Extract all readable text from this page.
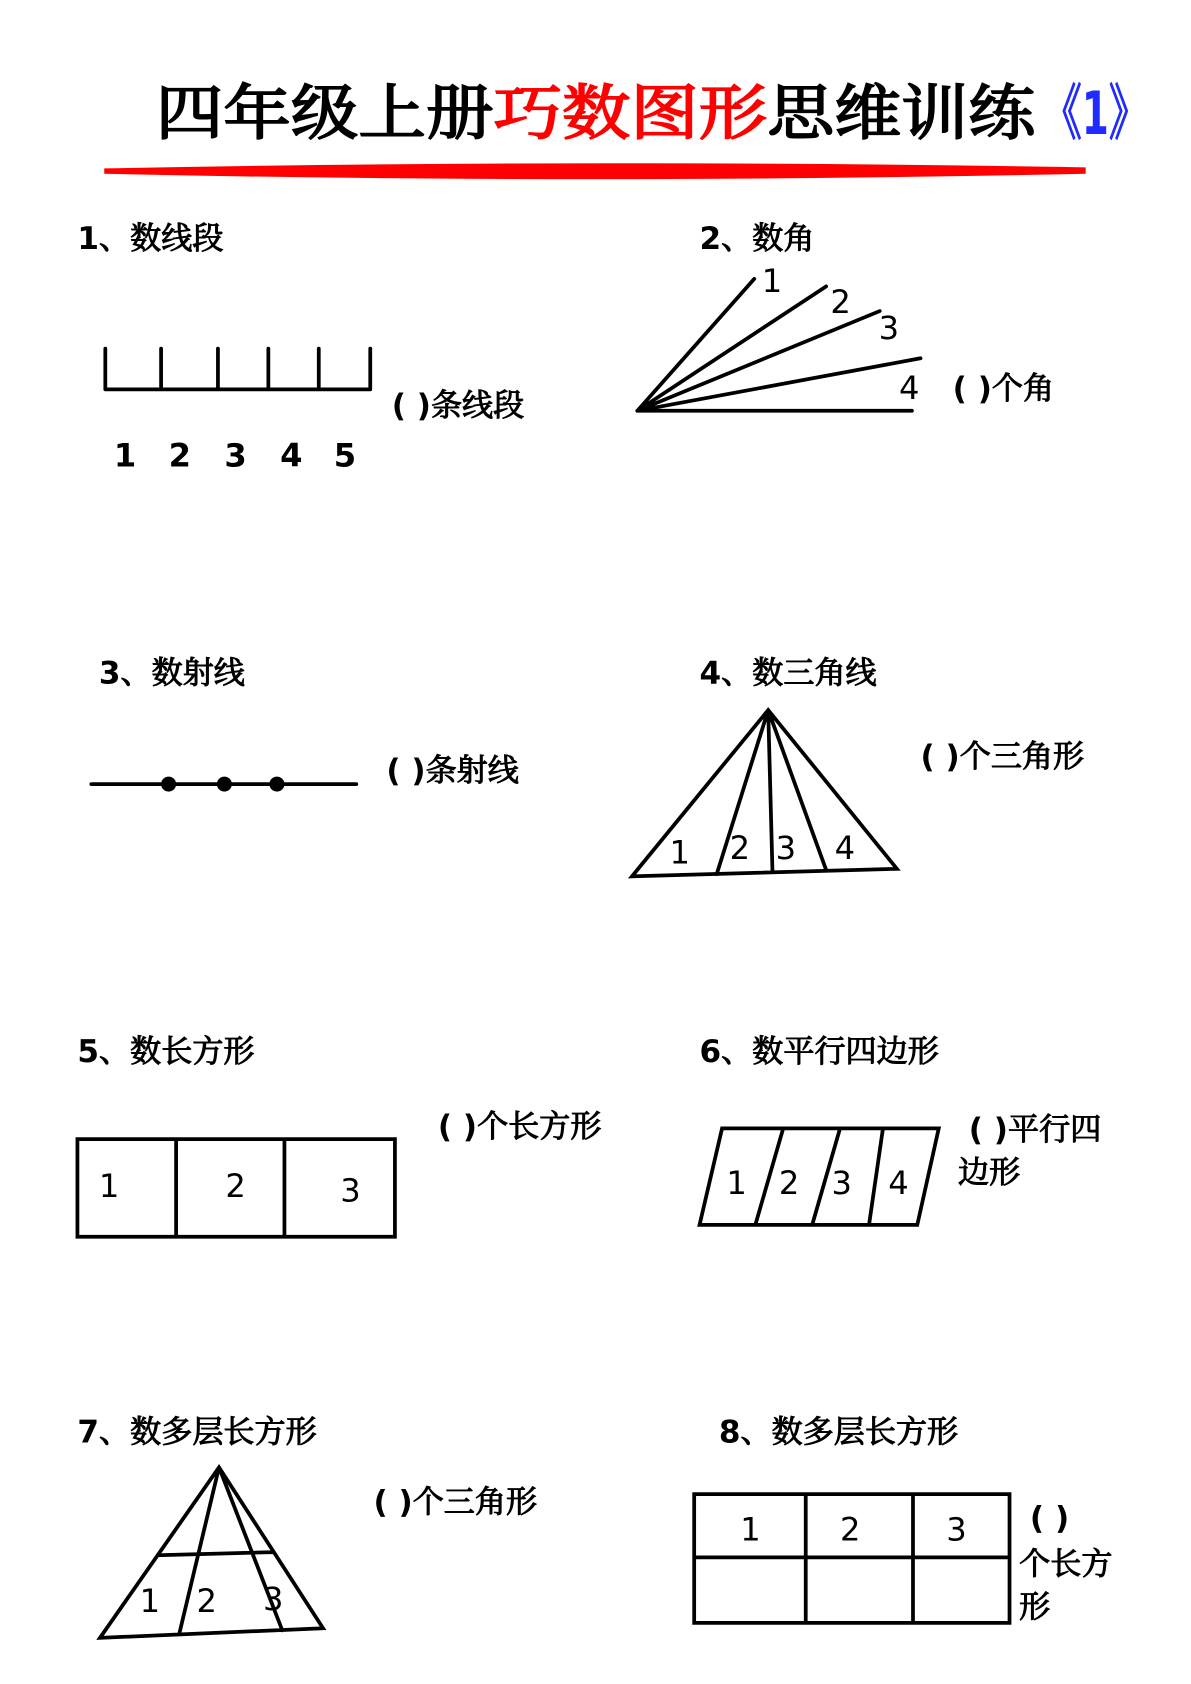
四年级上册 巧数图形 思维训练 《1》
1、数线段
1 2 3 4 5
( )条线段
2、数角
1
2
3
4 ( )个角
3、数射线
( )条射线
4、数三角线
1 2 3 4
( )个三角形
5、数长方形
1	2	3
( )个长方形
6、数平行四边形
1 2 3 4
( )平行四
边形
7、数多层长方形
1 2 3
( )个三角形
8、数多层长方形
1	2	3 ( )
个长方
形
